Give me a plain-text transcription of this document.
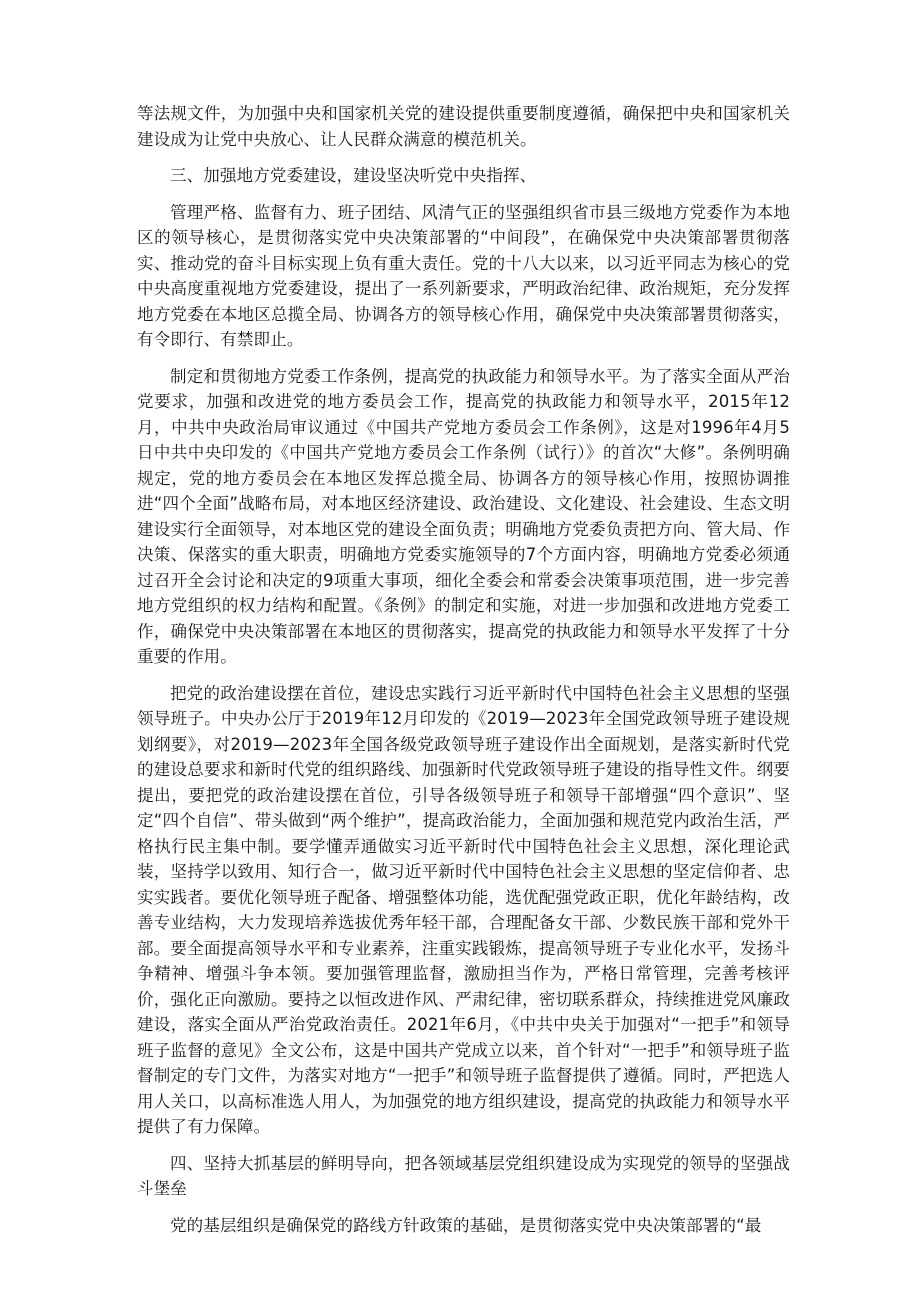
等法规文件，为加强中央和国家机关党的建设提供重要制度遵循，确保把中央和国家机关建设成为让党中央放心、让人民群众满意的模范机关。

三、加强地方党委建设，建设坚决听党中央指挥、

管理严格、监督有力、班子团结、风清气正的坚强组织省市县三级地方党委作为本地区的领导核心，是贯彻落实党中央决策部署的“中间段”，在确保党中央决策部署贯彻落实、推动党的奋斗目标实现上负有重大责任。党的十八大以来，以习近平同志为核心的党中央高度重视地方党委建设，提出了一系列新要求，严明政治纪律、政治规矩，充分发挥地方党委在本地区总揽全局、协调各方的领导核心作用，确保党中央决策部署贯彻落实，有令即行、有禁即止。

制定和贯彻地方党委工作条例，提高党的执政能力和领导水平。为了落实全面从严治党要求，加强和改进党的地方委员会工作，提高党的执政能力和领导水平，2015年12月，中共中央政治局审议通过《中国共产党地方委员会工作条例》，这是对1996年4月5日中共中央印发的《中国共产党地方委员会工作条例（试行）》的首次“大修”。条例明确规定，党的地方委员会在本地区发挥总揽全局、协调各方的领导核心作用，按照协调推进“四个全面”战略布局，对本地区经济建设、政治建设、文化建设、社会建设、生态文明建设实行全面领导，对本地区党的建设全面负责；明确地方党委负责把方向、管大局、作决策、保落实的重大职责，明确地方党委实施领导的7个方面内容，明确地方党委必须通过召开全会讨论和决定的9项重大事项，细化全委会和常委会决策事项范围，进一步完善地方党组织的权力结构和配置。《条例》的制定和实施，对进一步加强和改进地方党委工作，确保党中央决策部署在本地区的贯彻落实，提高党的执政能力和领导水平发挥了十分重要的作用。

把党的政治建设摆在首位，建设忠实践行习近平新时代中国特色社会主义思想的坚强领导班子。中央办公厅于2019年12月印发的《2019—2023年全国党政领导班子建设规划纲要》，对2019—2023年全国各级党政领导班子建设作出全面规划，是落实新时代党的建设总要求和新时代党的组织路线、加强新时代党政领导班子建设的指导性文件。纲要提出，要把党的政治建设摆在首位，引导各级领导班子和领导干部增强“四个意识”、坚定“四个自信”、带头做到“两个维护”，提高政治能力，全面加强和规范党内政治生活，严格执行民主集中制。要学懂弄通做实习近平新时代中国特色社会主义思想，深化理论武装，坚持学以致用、知行合一，做习近平新时代中国特色社会主义思想的坚定信仰者、忠实实践者。要优化领导班子配备、增强整体功能，选优配强党政正职，优化年龄结构，改善专业结构，大力发现培养选拔优秀年轻干部，合理配备女干部、少数民族干部和党外干部。要全面提高领导水平和专业素养，注重实践锻炼，提高领导班子专业化水平，发扬斗争精神、增强斗争本领。要加强管理监督，激励担当作为，严格日常管理，完善考核评价，强化正向激励。要持之以恒改进作风、严肃纪律，密切联系群众，持续推进党风廉政建设，落实全面从严治党政治责任。2021年6月，《中共中央关于加强对“一把手”和领导班子监督的意见》全文公布，这是中国共产党成立以来，首个针对“一把手”和领导班子监督制定的专门文件，为落实对地方“一把手”和领导班子监督提供了遵循。同时，严把选人用人关口，以高标准选人用人，为加强党的地方组织建设，提高党的执政能力和领导水平提供了有力保障。

四、坚持大抓基层的鲜明导向，把各领域基层党组织建设成为实现党的领导的坚强战斗堡垒

党的基层组织是确保党的路线方针政策的基础，是贯彻落实党中央决策部署的“最
